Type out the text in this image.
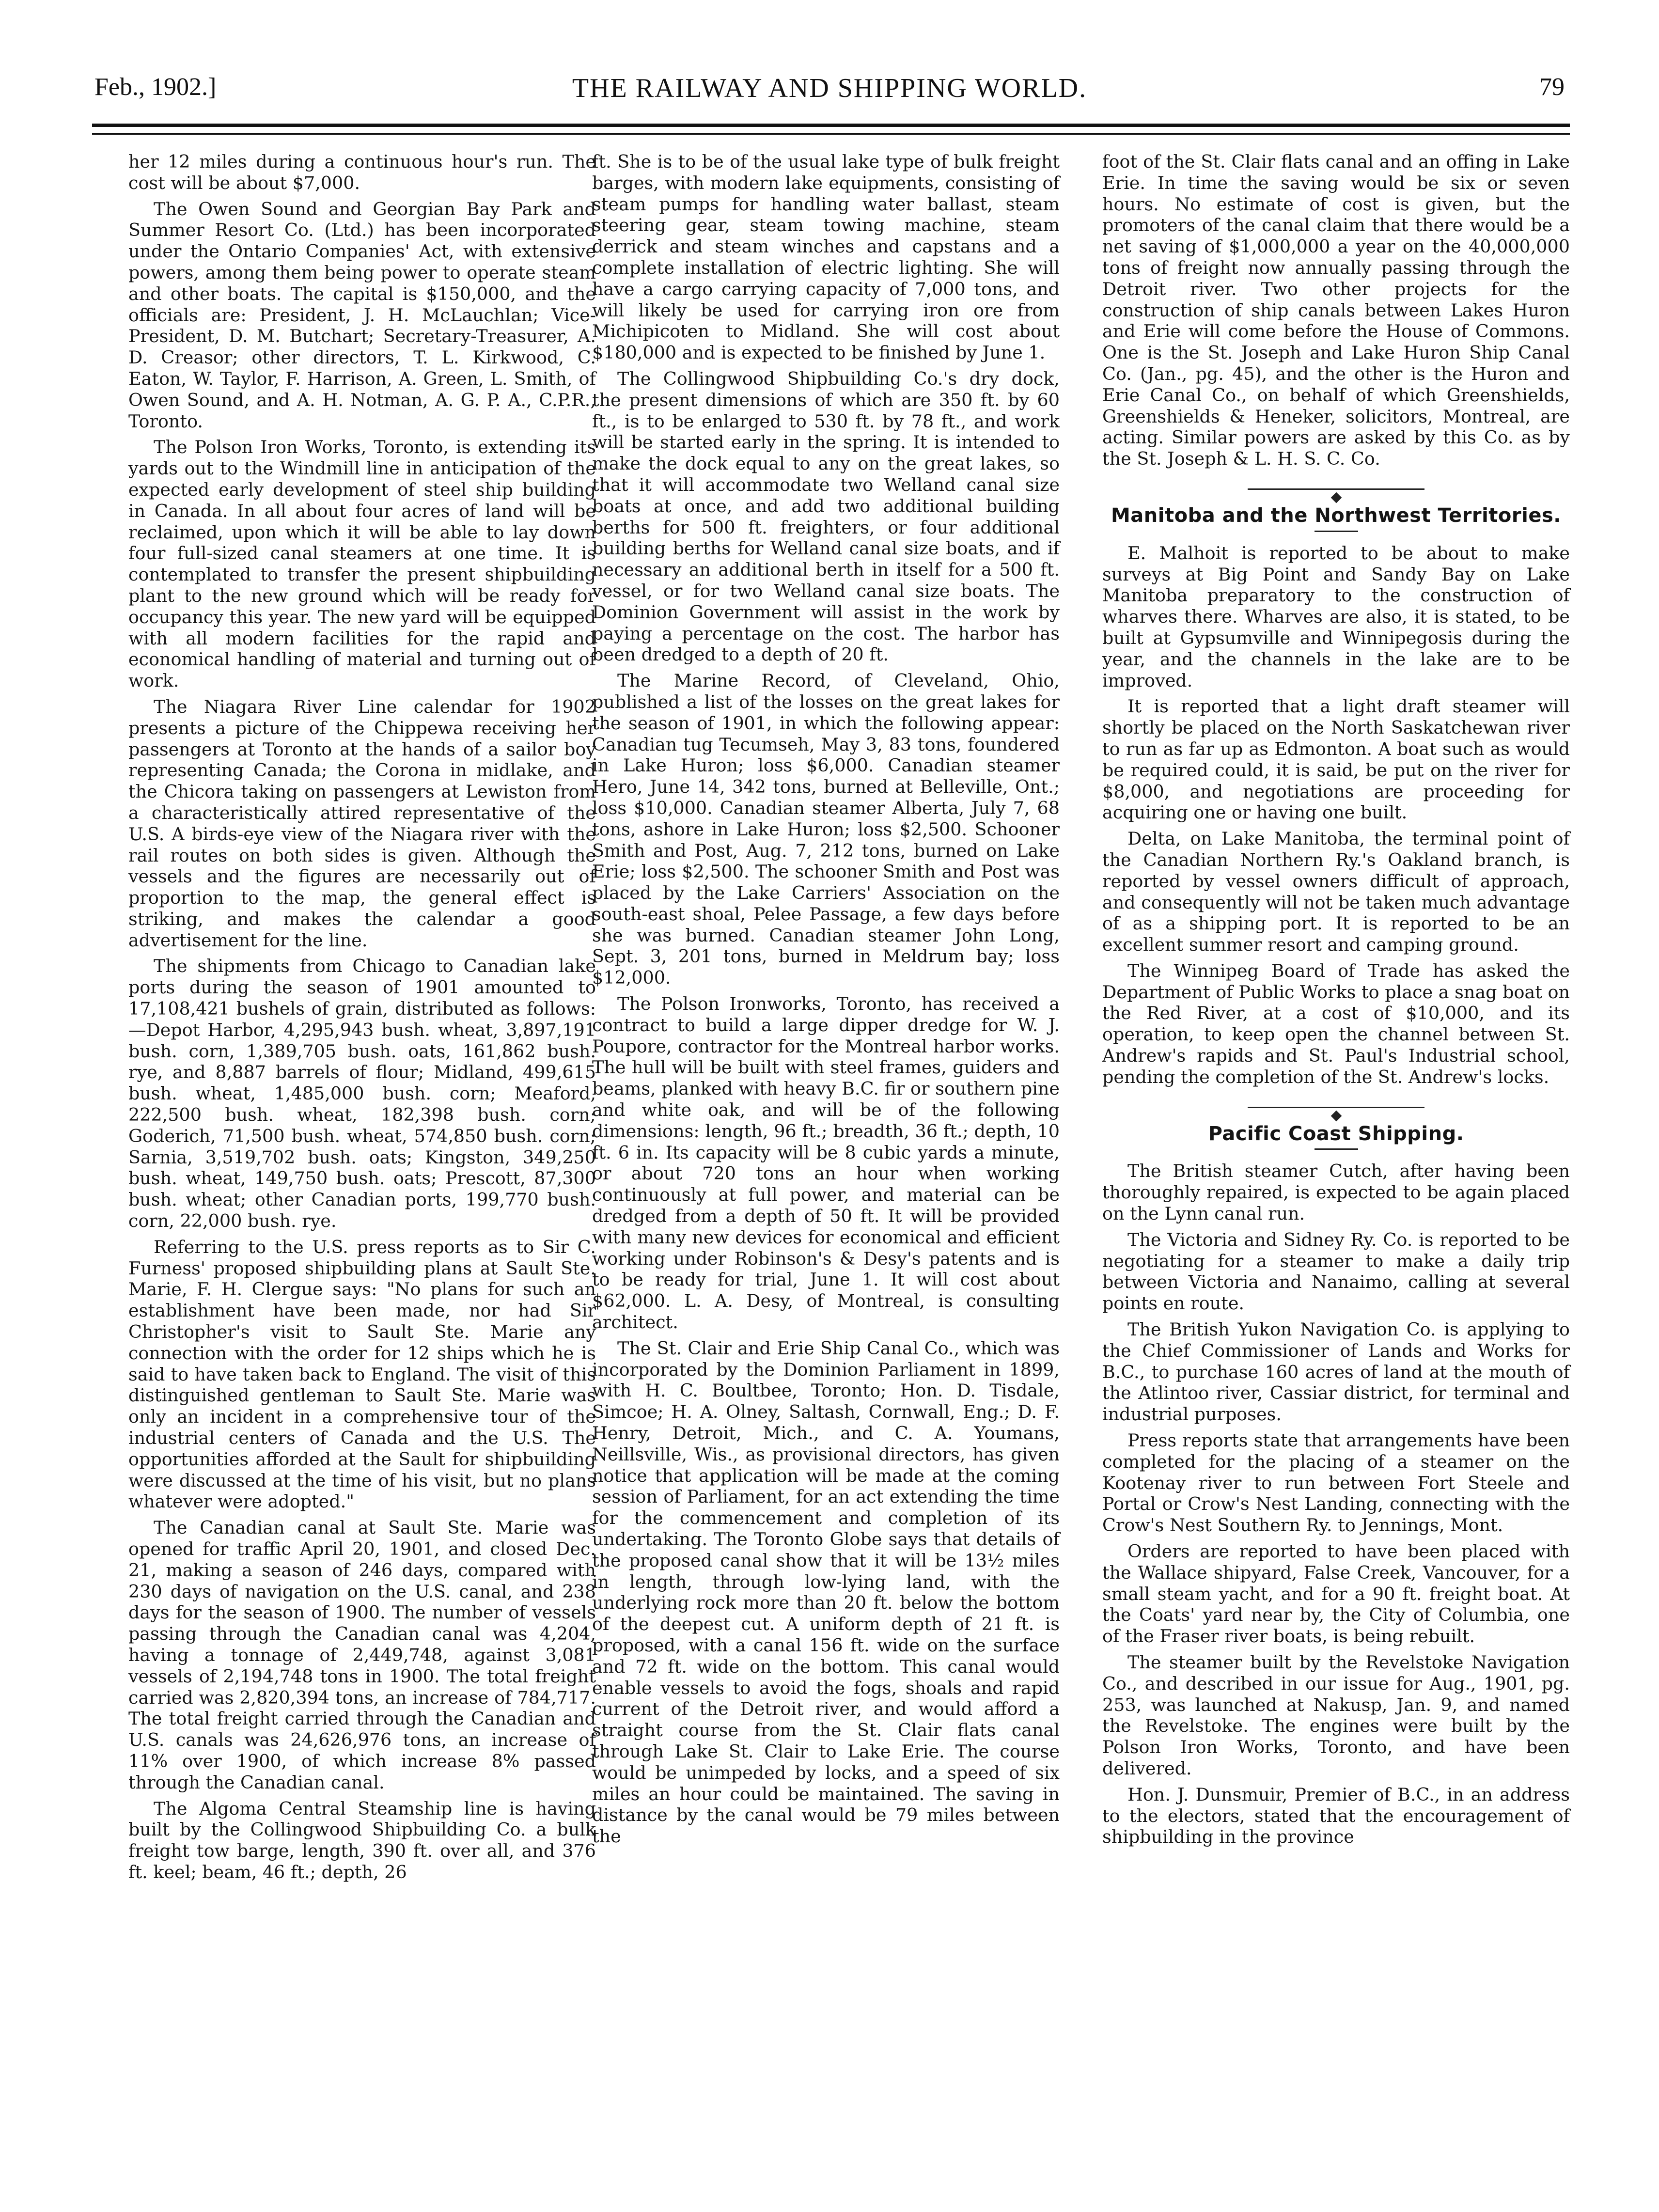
Feb., 1902.]	THE RAILWAY AND SHIPPING WORLD.	79

her 12 miles during a continuous hour's run. The cost will be about $7,000.

The Owen Sound and Georgian Bay Park and Summer Resort Co. (Ltd.) has been incorporated under the Ontario Companies' Act, with extensive powers, among them being power to operate steam and other boats. The capital is $150,000, and the officials are: President, J. H. McLauchlan; Vice-President, D. M. Butchart; Secretary-Treasurer, A. D. Creasor; other directors, T. L. Kirkwood, C. Eaton, W. Taylor, F. Harrison, A. Green, L. Smith, of Owen Sound, and A. H. Notman, A. G. P. A., C.P.R., Toronto.

The Polson Iron Works, Toronto, is extending its yards out to the Windmill line in anticipation of the expected early development of steel ship building in Canada. In all about four acres of land will be reclaimed, upon which it will be able to lay down four full-sized canal steamers at one time. It is contemplated to transfer the present shipbuilding plant to the new ground which will be ready for occupancy this year. The new yard will be equipped with all modern facilities for the rapid and economical handling of material and turning out of work.

The Niagara River Line calendar for 1902 presents a picture of the Chippewa receiving her passengers at Toronto at the hands of a sailor boy representing Canada; the Corona in midlake, and the Chicora taking on passengers at Lewiston from a characteristically attired representative of the U.S. A birds-eye view of the Niagara river with the rail routes on both sides is given. Although the vessels and the figures are necessarily out of proportion to the map, the general effect is striking, and makes the calendar a good advertisement for the line.

The shipments from Chicago to Canadian lake ports during the season of 1901 amounted to 17,108,421 bushels of grain, distributed as follows:—Depot Harbor, 4,295,943 bush. wheat, 3,897,191 bush. corn, 1,389,705 bush. oats, 161,862 bush. rye, and 8,887 barrels of flour; Midland, 499,615 bush. wheat, 1,485,000 bush. corn; Meaford, 222,500 bush. wheat, 182,398 bush. corn; Goderich, 71,500 bush. wheat, 574,850 bush. corn; Sarnia, 3,519,702 bush. oats; Kingston, 349,250 bush. wheat, 149,750 bush. oats; Prescott, 87,300 bush. wheat; other Canadian ports, 199,770 bush. corn, 22,000 bush. rye.

Referring to the U.S. press reports as to Sir C. Furness' proposed shipbuilding plans at Sault Ste. Marie, F. H. Clergue says: "No plans for such an establishment have been made, nor had Sir Christopher's visit to Sault Ste. Marie any connection with the order for 12 ships which he is said to have taken back to England. The visit of this distinguished gentleman to Sault Ste. Marie was only an incident in a comprehensive tour of the industrial centers of Canada and the U.S. The opportunities afforded at the Sault for shipbuilding were discussed at the time of his visit, but no plans whatever were adopted."

The Canadian canal at Sault Ste. Marie was opened for traffic April 20, 1901, and closed Dec. 21, making a season of 246 days, compared with 230 days of navigation on the U.S. canal, and 238 days for the season of 1900. The number of vessels passing through the Canadian canal was 4,204, having a tonnage of 2,449,748, against 3,081 vessels of 2,194,748 tons in 1900. The total freight carried was 2,820,394 tons, an increase of 784,717. The total freight carried through the Canadian and U.S. canals was 24,626,976 tons, an increase of 11% over 1900, of which increase 8% passed through the Canadian canal.

The Algoma Central Steamship line is having built by the Collingwood Shipbuilding Co. a bulk freight tow barge, length, 390 ft. over all, and 376 ft. keel; beam, 46 ft.; depth, 26

ft. She is to be of the usual lake type of bulk freight barges, with modern lake equipments, consisting of steam pumps for handling water ballast, steam steering gear, steam towing machine, steam derrick and steam winches and capstans and a complete installation of electric lighting. She will have a cargo carrying capacity of 7,000 tons, and will likely be used for carrying iron ore from Michipicoten to Midland. She will cost about $180,000 and is expected to be finished by June 1.

The Collingwood Shipbuilding Co.'s dry dock, the present dimensions of which are 350 ft. by 60 ft., is to be enlarged to 530 ft. by 78 ft., and work will be started early in the spring. It is intended to make the dock equal to any on the great lakes, so that it will accommodate two Welland canal size boats at once, and add two additional building berths for 500 ft. freighters, or four additional building berths for Welland canal size boats, and if necessary an additional berth in itself for a 500 ft. vessel, or for two Welland canal size boats. The Dominion Government will assist in the work by paying a percentage on the cost. The harbor has been dredged to a depth of 20 ft.

The Marine Record, of Cleveland, Ohio, published a list of the losses on the great lakes for the season of 1901, in which the following appear: Canadian tug Tecumseh, May 3, 83 tons, foundered in Lake Huron; loss $6,000. Canadian steamer Hero, June 14, 342 tons, burned at Belleville, Ont.; loss $10,000. Canadian steamer Alberta, July 7, 68 tons, ashore in Lake Huron; loss $2,500. Schooner Smith and Post, Aug. 7, 212 tons, burned on Lake Erie; loss $2,500. The schooner Smith and Post was placed by the Lake Carriers' Association on the south-east shoal, Pelee Passage, a few days before she was burned. Canadian steamer John Long, Sept. 3, 201 tons, burned in Meldrum bay; loss $12,000.

The Polson Ironworks, Toronto, has received a contract to build a large dipper dredge for W. J. Poupore, contractor for the Montreal harbor works. The hull will be built with steel frames, guiders and beams, planked with heavy B.C. fir or southern pine and white oak, and will be of the following dimensions: length, 96 ft.; breadth, 36 ft.; depth, 10 ft. 6 in. Its capacity will be 8 cubic yards a minute, or about 720 tons an hour when working continuously at full power, and material can be dredged from a depth of 50 ft. It will be provided with many new devices for economical and efficient working under Robinson's & Desy's patents and is to be ready for trial, June 1. It will cost about $62,000. L. A. Desy, of Montreal, is consulting architect.

The St. Clair and Erie Ship Canal Co., which was incorporated by the Dominion Parliament in 1899, with H. C. Boultbee, Toronto; Hon. D. Tisdale, Simcoe; H. A. Olney, Saltash, Cornwall, Eng.; D. F. Henry, Detroit, Mich., and C. A. Youmans, Neillsville, Wis., as provisional directors, has given notice that application will be made at the coming session of Parliament, for an act extending the time for the commencement and completion of its undertaking. The Toronto Globe says that details of the proposed canal show that it will be 13½ miles in length, through low-lying land, with the underlying rock more than 20 ft. below the bottom of the deepest cut. A uniform depth of 21 ft. is proposed, with a canal 156 ft. wide on the surface and 72 ft. wide on the bottom. This canal would enable vessels to avoid the fogs, shoals and rapid current of the Detroit river, and would afford a straight course from the St. Clair flats canal through Lake St. Clair to Lake Erie. The course would be unimpeded by locks, and a speed of six miles an hour could be maintained. The saving in distance by the canal would be 79 miles between the

foot of the St. Clair flats canal and an offing in Lake Erie. In time the saving would be six or seven hours. No estimate of cost is given, but the promoters of the canal claim that there would be a net saving of $1,000,000 a year on the 40,000,000 tons of freight now annually passing through the Detroit river. Two other projects for the construction of ship canals between Lakes Huron and Erie will come before the House of Commons. One is the St. Joseph and Lake Huron Ship Canal Co. (Jan., pg. 45), and the other is the Huron and Erie Canal Co., on behalf of which Greenshields, Greenshields & Heneker, solicitors, Montreal, are acting. Similar powers are asked by this Co. as by the St. Joseph & L. H. S. C. Co.

Manitoba and the Northwest Territories.

E. Malhoit is reported to be about to make surveys at Big Point and Sandy Bay on Lake Manitoba preparatory to the construction of wharves there. Wharves are also, it is stated, to be built at Gypsumville and Winnipegosis during the year, and the channels in the lake are to be improved.

It is reported that a light draft steamer will shortly be placed on the North Saskatchewan river to run as far up as Edmonton. A boat such as would be required could, it is said, be put on the river for $8,000, and negotiations are proceeding for acquiring one or having one built.

Delta, on Lake Manitoba, the terminal point of the Canadian Northern Ry.'s Oakland branch, is reported by vessel owners difficult of approach, and consequently will not be taken much advantage of as a shipping port. It is reported to be an excellent summer resort and camping ground.

The Winnipeg Board of Trade has asked the Department of Public Works to place a snag boat on the Red River, at a cost of $10,000, and its operation, to keep open the channel between St. Andrew's rapids and St. Paul's Industrial school, pending the completion of the St. Andrew's locks.

Pacific Coast Shipping.

The British steamer Cutch, after having been thoroughly repaired, is expected to be again placed on the Lynn canal run.

The Victoria and Sidney Ry. Co. is reported to be negotiating for a steamer to make a daily trip between Victoria and Nanaimo, calling at several points en route.

The British Yukon Navigation Co. is applying to the Chief Commissioner of Lands and Works for B.C., to purchase 160 acres of land at the mouth of the Atlintoo river, Cassiar district, for terminal and industrial purposes.

Press reports state that arrangements have been completed for the placing of a steamer on the Kootenay river to run between Fort Steele and Portal or Crow's Nest Landing, connecting with the Crow's Nest Southern Ry. to Jennings, Mont.

Orders are reported to have been placed with the Wallace shipyard, False Creek, Vancouver, for a small steam yacht, and for a 90 ft. freight boat. At the Coats' yard near by, the City of Columbia, one of the Fraser river boats, is being rebuilt.

The steamer built by the Revelstoke Navigation Co., and described in our issue for Aug., 1901, pg. 253, was launched at Nakusp, Jan. 9, and named the Revelstoke. The engines were built by the Polson Iron Works, Toronto, and have been delivered.

Hon. J. Dunsmuir, Premier of B.C., in an address to the electors, stated that the encouragement of shipbuilding in the province
